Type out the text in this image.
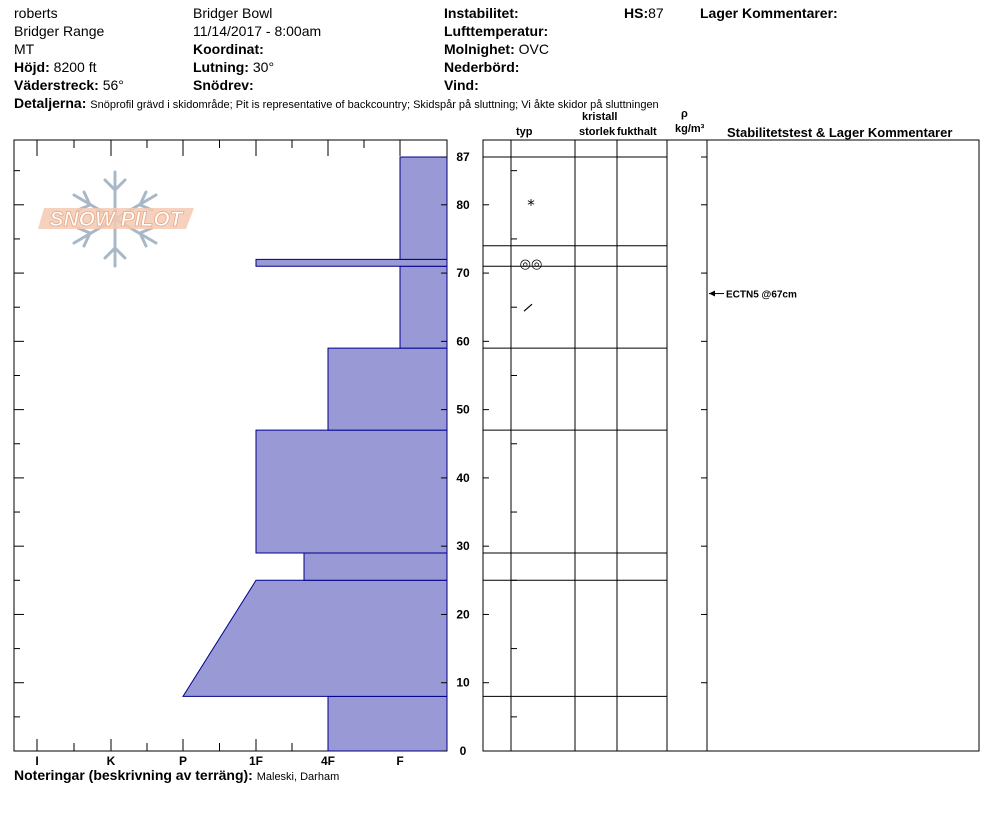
roberts
Bridger Range
MT
Höjd: 8200 ft
Väderstreck: 56°
Bridger Bowl
11/14/2017 - 8:00am
Koordinat:
Lutning: 30°
Snödrev:
Instabilitet:
Lufttemperatur:
Molnighet: OVC
Nederbörd:
Vind:
HS:87	Lager Kommentarer:
Detaljerna: Snöprofil grävd i skidområde; Pit is representative of backcountry; Skidspår på sluttning; Vi åkte skidor på sluttningen
typ
kristall
storlek fukthalt
ρ
kg/m³ Stabilitetstest & Lager Kommentarer
Noteringar (beskrivning av terräng): Maleski, Darham
SNOW PILOT
I	K	P	1F	4F	F
0
10
20
30
40
50
60
70
80
87
*
◎◎
ECTN5 @67cm
